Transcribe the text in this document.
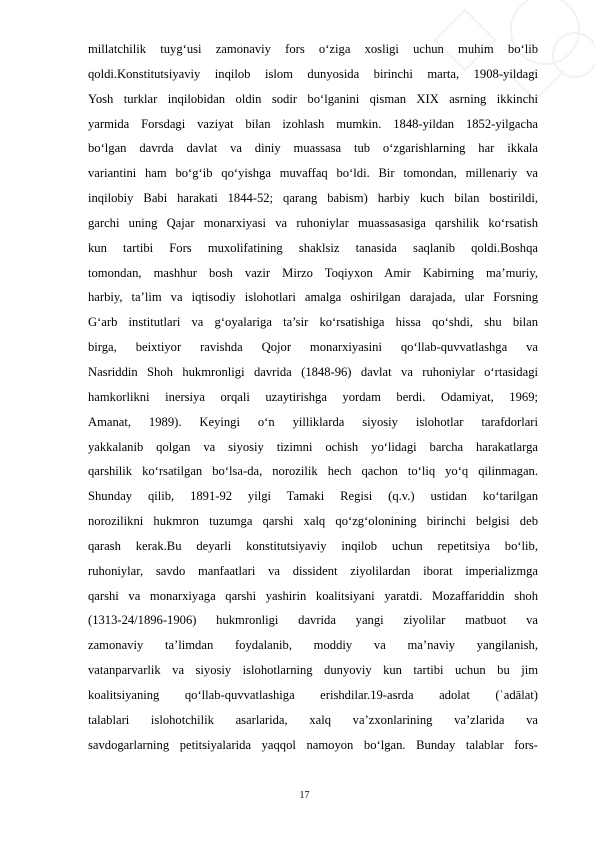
millatchilik tuyg‘usi zamonaviy fors o‘ziga xosligi uchun muhim bo‘lib
qoldi.Konstitutsiyaviy inqilob islom dunyosida birinchi marta, 1908-yildagi
Yosh turklar inqilobidan oldin sodir bo‘lganini qisman XIX asrning ikkinchi
yarmida Forsdagi vaziyat bilan izohlash mumkin. 1848-yildan 1852-yilgacha
bo‘lgan davrda davlat va diniy muassasa tub o‘zgarishlarning har ikkala
variantini ham bo‘g‘ib qo‘yishga muvaffaq bo‘ldi. Bir tomondan, millenariy va
inqilobiy Babi harakati 1844-52; qarang babism) harbiy kuch bilan bostirildi,
garchi uning Qajar monarxiyasi va ruhoniylar muassasasiga qarshilik ko‘rsatish
kun tartibi Fors muxolifatining shaklsiz tanasida saqlanib qoldi.Boshqa
tomondan, mashhur bosh vazir Mirzo Toqiyxon Amir Kabirning ma’muriy,
harbiy, ta’lim va iqtisodiy islohotlari amalga oshirilgan darajada, ular Forsning
G‘arb institutlari va g‘oyalariga ta’sir ko‘rsatishiga hissa qo‘shdi, shu bilan
birga, beixtiyor ravishda Qojor monarxiyasini qo‘llab-quvvatlashga va
Nasriddin Shoh hukmronligi davrida (1848-96) davlat va ruhoniylar o‘rtasidagi
hamkorlikni inersiya orqali uzaytirishga yordam berdi. Odamiyat, 1969;
Amanat, 1989). Keyingi o‘n yilliklarda siyosiy islohotlar tarafdorlari
yakkalanib qolgan va siyosiy tizimni ochish yo‘lidagi barcha harakatlarga
qarshilik ko‘rsatilgan bo‘lsa-da, norozilik hech qachon to‘liq yo‘q qilinmagan.
Shunday qilib, 1891-92 yilgi Tamaki Regisi (q.v.) ustidan ko‘tarilgan
norozilikni hukmron tuzumga qarshi xalq qo‘zg‘olonining birinchi belgisi deb
qarash kerak.Bu deyarli konstitutsiyaviy inqilob uchun repetitsiya bo‘lib,
ruhoniylar, savdo manfaatlari va dissident ziyolilardan iborat imperializmga
qarshi va monarxiyaga qarshi yashirin koalitsiyani yaratdi. Mozaffariddin shoh
(1313-24/1896-1906) hukmronligi davrida yangi ziyolilar matbuot va
zamonaviy ta’limdan foydalanib, moddiy va ma’naviy yangilanish,
vatanparvarlik va siyosiy islohotlarning dunyoviy kun tartibi uchun bu jim
koalitsiyaning qo‘llab-quvvatlashiga erishdilar.19-asrda adolat (ʿadālat)
talablari islohotchilik asarlarida, xalq va’zxonlarining va’zlarida va
savdogarlarning petitsiyalarida yaqqol namoyon bo‘lgan. Bunday talablar fors-
17
